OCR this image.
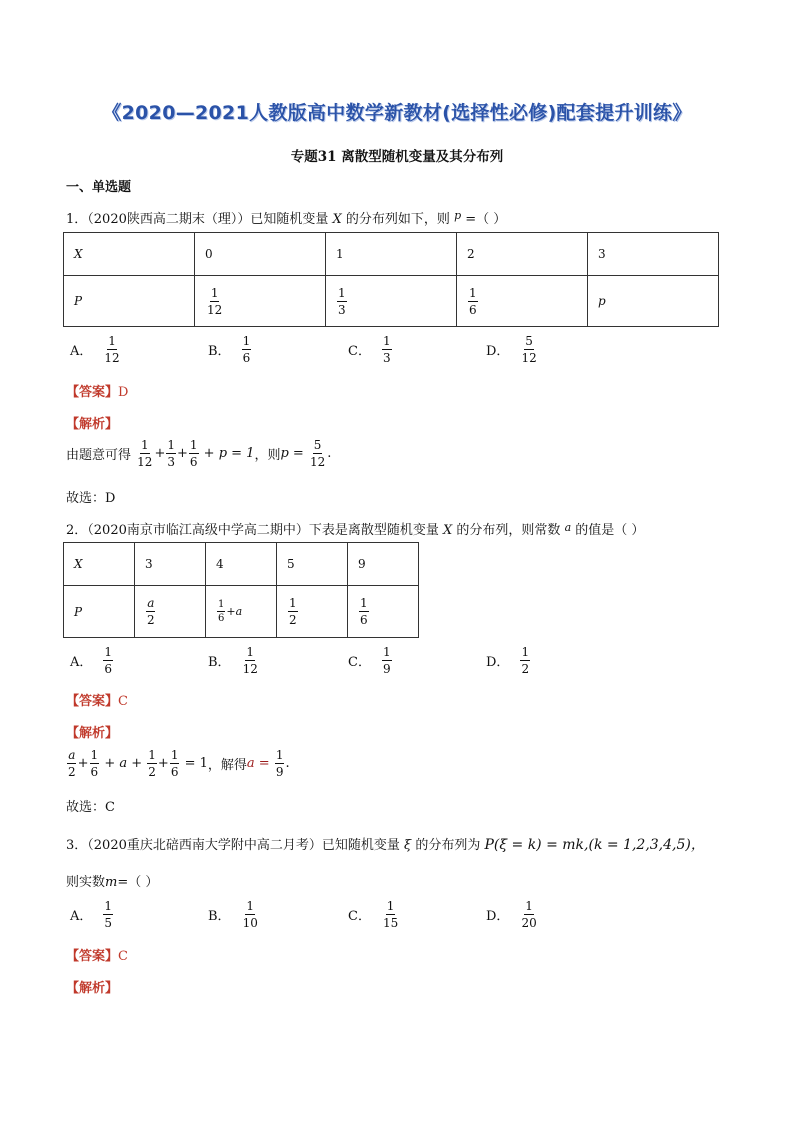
《2020—2021人教版高中数学新教材(选择性必修)配套提升训练》
专题31 离散型随机变量及其分布列
一、单选题
1．（2020陕西高二期末（理））已知随机变量 X 的分布列如下，则 $^p$ =（ ）
X	0	1	2	3
P	$\frac{1}{12}$	$\frac{1}{3}$	$\frac{1}{6}$	p
A． $\frac{1}{12}$	B． $\frac{1}{6}$	C． $\frac{1}{3}$	D． $\frac{5}{12}$
【答案】D
【解析】
由题意可得 $\frac{1}{12} + \frac{1}{3} + \frac{1}{6} + p = 1$，则$p = \frac{5}{12}$ .
故选：D
2．（2020南京市临江高级中学高二期中）下表是离散型随机变量 X 的分布列，则常数 $^a$ 的值是（ ）
X	3	4	5	9
P	$\frac{a}{2}$	$\frac{1}{6} +a$	$\frac{1}{2}$	$\frac{1}{6}$
A． $\frac{1}{6}$	B． $\frac{1}{12}$	C． $\frac{1}{9}$	D． $\frac{1}{2}$
【答案】C
【解析】
$\frac{a}{2} + \frac{1}{6} + a + \frac{1}{2} + \frac{1}{6} = 1$，解得$a = \frac{1}{9}$ .
故选：C
3．（2020重庆北碚西南大学附中高二月考）已知随机变量 ξ 的分布列为 P(ξ = k) = mk,(k = 1,2,3,4,5)，
则实数m=（ ）
A． $\frac{1}{5}$	B． $\frac{1}{10}$	C． $\frac{1}{15}$	D． $\frac{1}{20}$
【答案】C
【解析】
